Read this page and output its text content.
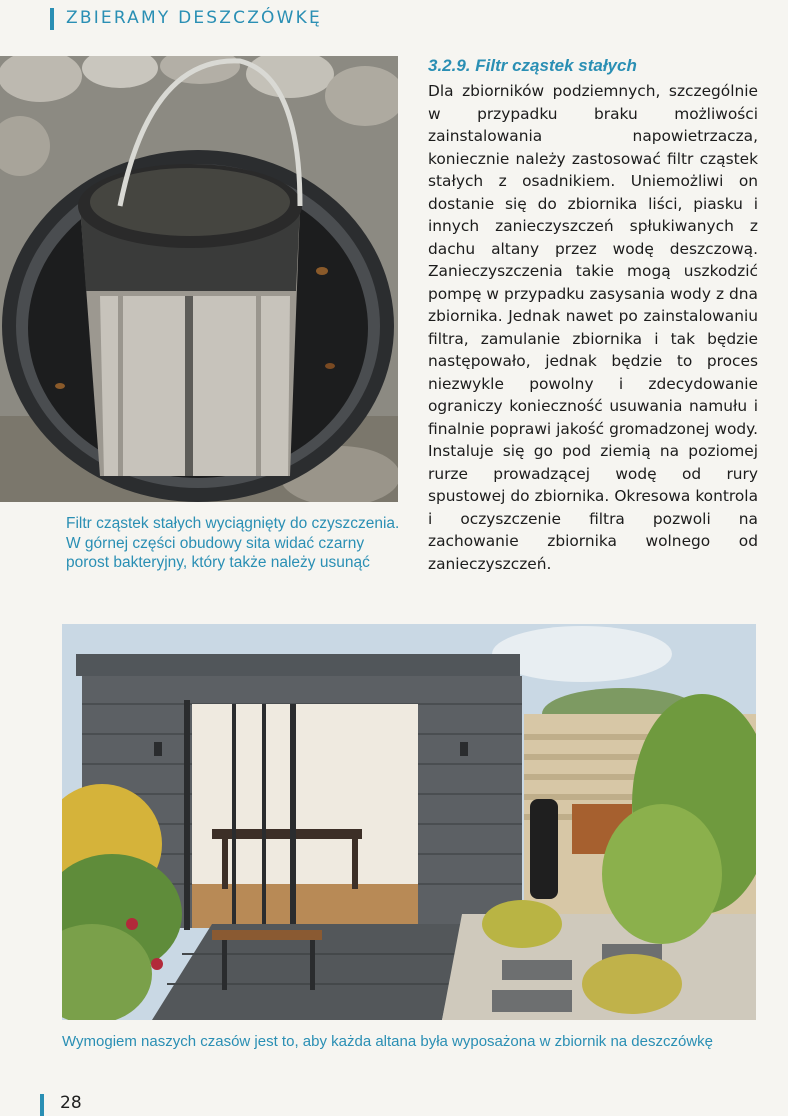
ZBIERAMY DESZCZÓWKĘ
Filtr cząstek stałych wyciągnięty do czyszczenia. W górnej części obudowy sita widać czarny porost bakteryjny, który także należy usunąć

3.2.9. Filtr cząstek stałych

Dla zbiorników podziemnych, szczególnie w przypadku braku możliwości zainstalowania napowietrzacza, koniecznie należy zastosować filtr cząstek stałych z osadnikiem. Uniemożliwi on dostanie się do zbiornika liści, piasku i innych zanieczyszczeń spłukiwanych z dachu altany przez wodę deszczową. Zanieczyszczenia takie mogą uszkodzić pompę w przypadku zasysania wody z dna zbiornika. Jednak nawet po zainstalowaniu filtra, zamulanie zbiornika i tak będzie następowało, jednak będzie to proces niezwykle powolny i zdecydowanie ograniczy konieczność usuwania namułu i finalnie poprawi jakość gromadzonej wody. Instaluje się go pod ziemią na poziomej rurze prowadzącej wodę od rury spustowej do zbiornika. Okresowa kontrola i oczyszczenie filtra pozwoli na zachowanie zbiornika wolnego od zanieczyszczeń.

Wymogiem naszych czasów jest to, aby każda altana była wyposażona w zbiornik na deszczówkę
28
